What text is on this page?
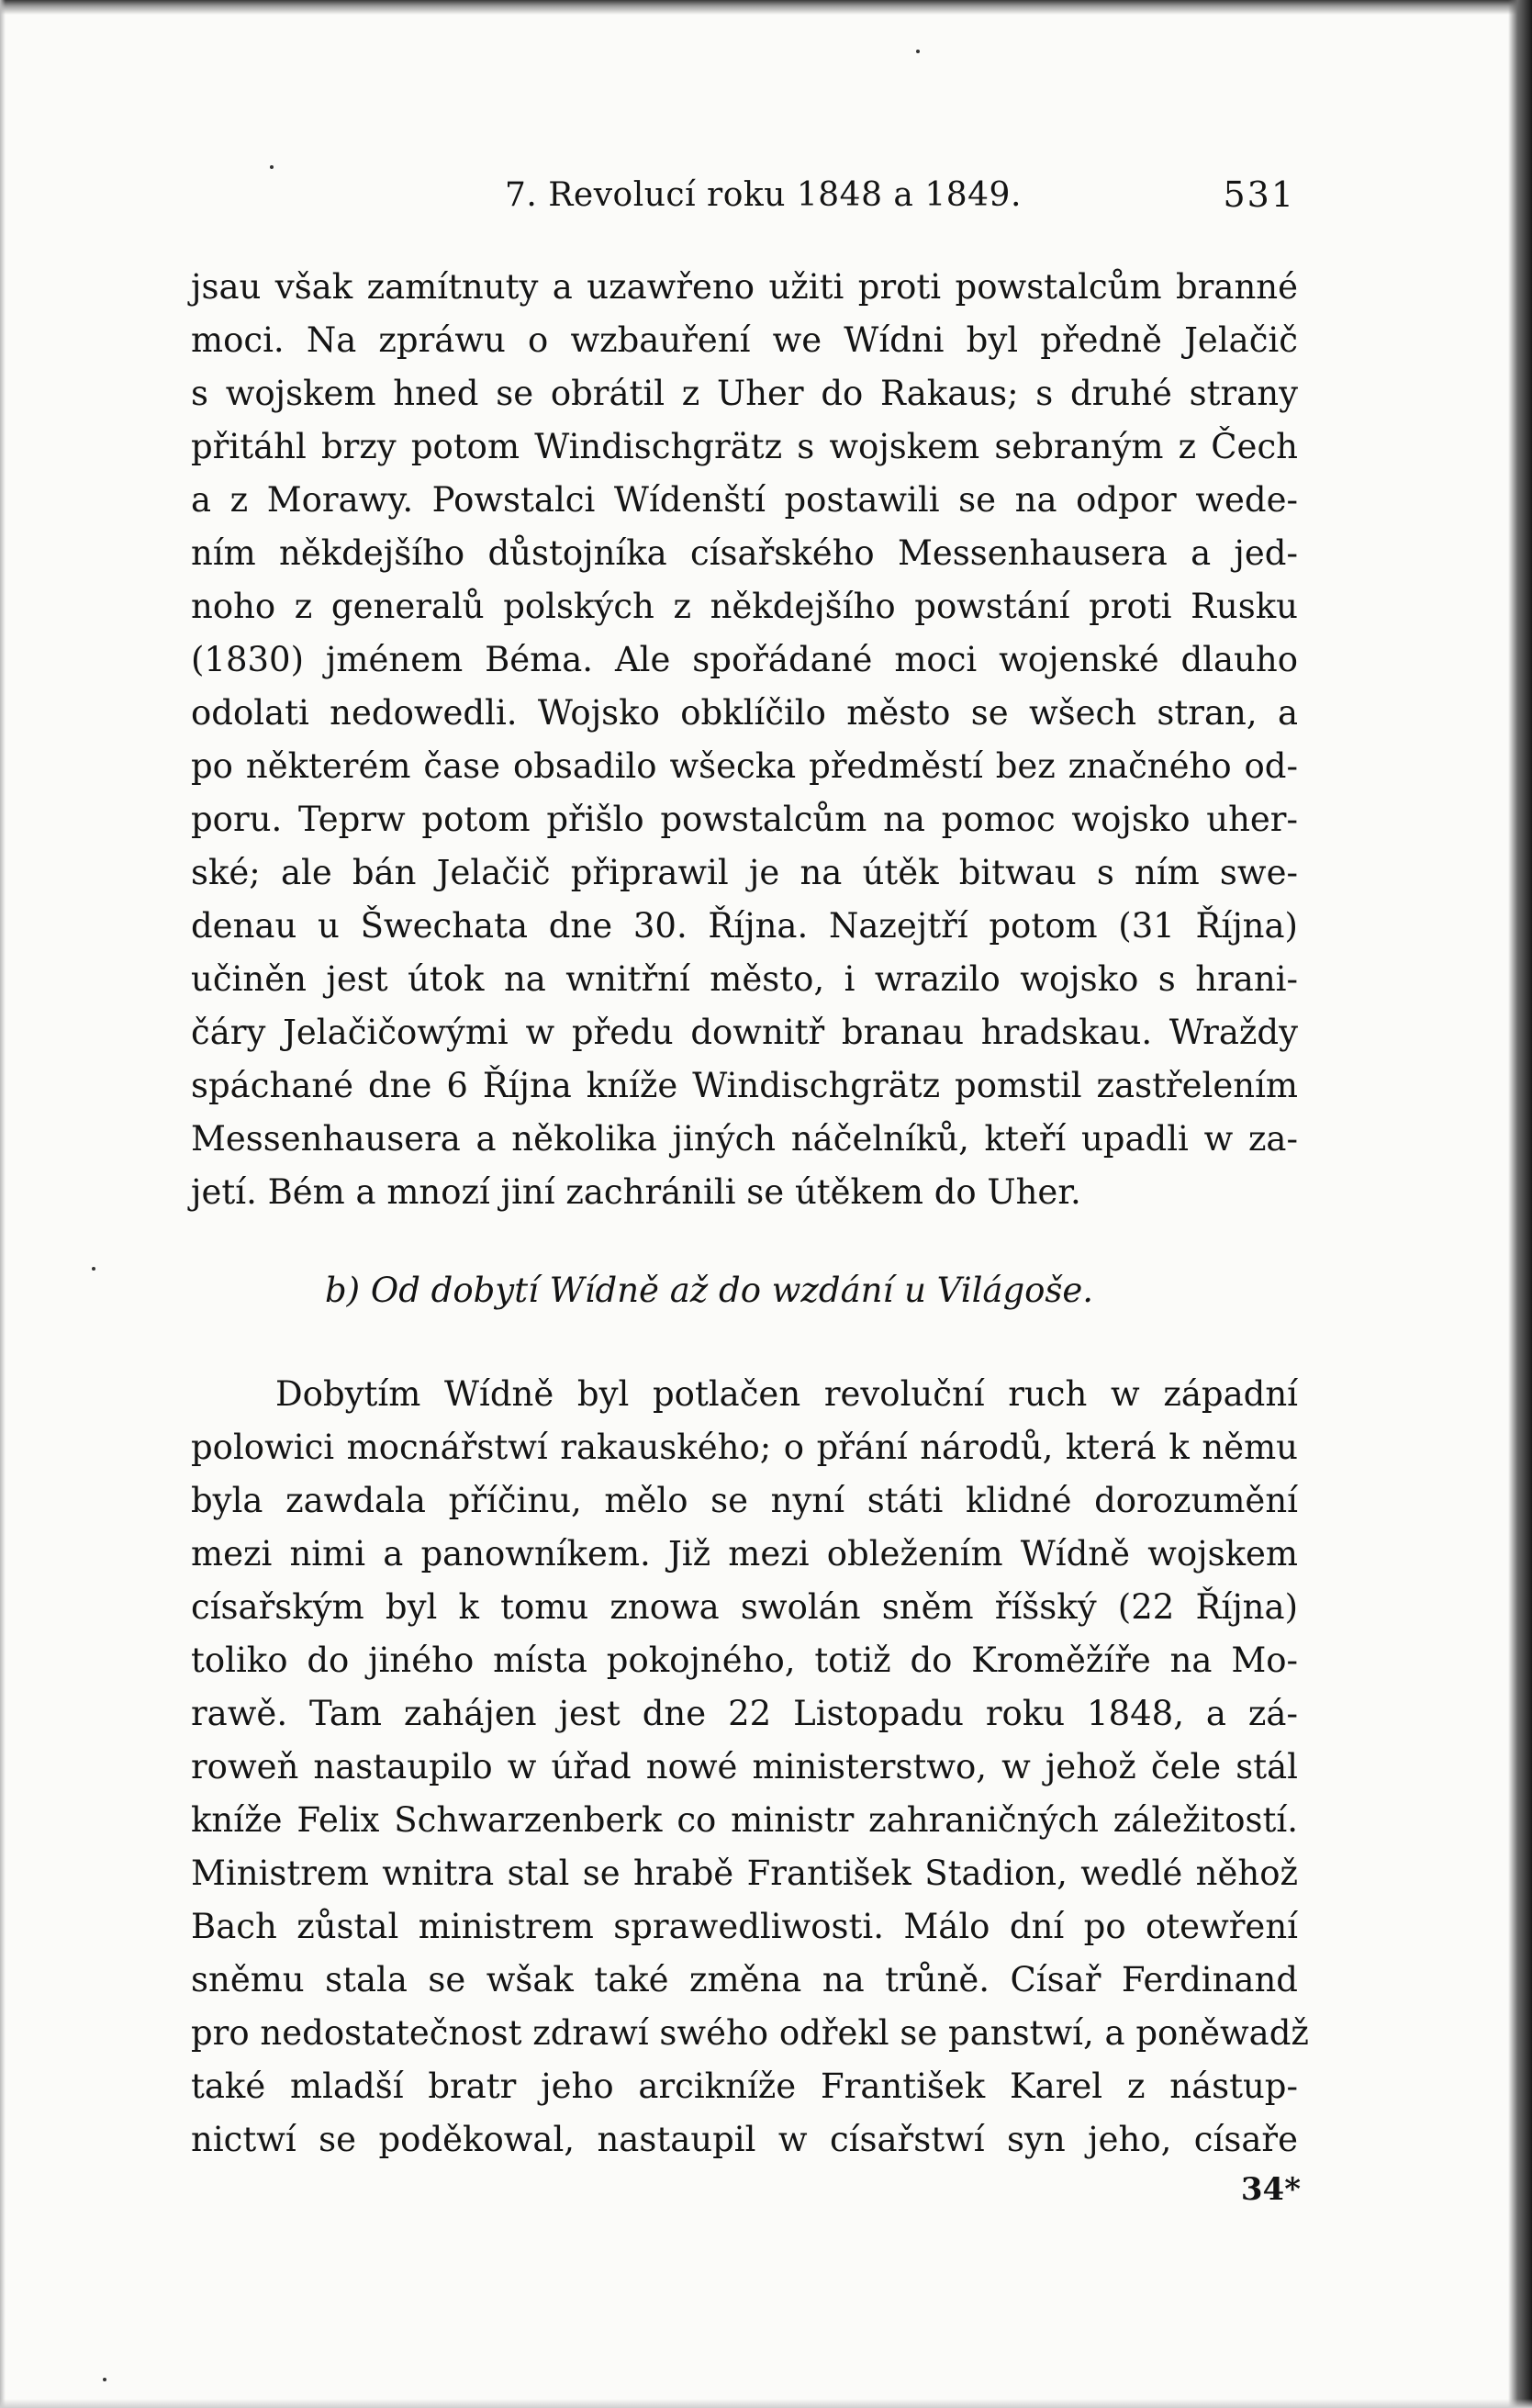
7. Revolucí roku 1848 a 1849.	531
jsau však zamítnuty a uzawřeno užiti proti powstalcům branné
moci. Na zpráwu o wzbauření we Wídni byl předně Jelačič
s wojskem hned se obrátil z Uher do Rakaus; s druhé strany
přitáhl brzy potom Windischgrätz s wojskem sebraným z Čech
a z Morawy. Powstalci Wídenští postawili se na odpor wede-
ním někdejšího důstojníka císařského Messenhausera a jed-
noho z generalů polských z někdejšího powstání proti Rusku
(1830) jménem Béma. Ale spořádané moci wojenské dlauho
odolati nedowedli. Wojsko obklíčilo město se wšech stran, a
po některém čase obsadilo wšecka předměstí bez značného od-
poru. Teprw potom přišlo powstalcům na pomoc wojsko uher-
ské; ale bán Jelačič připrawil je na útěk bitwau s ním swe-
denau u Šwechata dne 30. Října. Nazejtří potom (31 Října)
učiněn jest útok na wnitřní město, i wrazilo wojsko s hrani-
čáry Jelačičowými w předu downitř branau hradskau. Wraždy
spáchané dne 6 Října kníže Windischgrätz pomstil zastřelením
Messenhausera a několika jiných náčelníků, kteří upadli w za-
jetí. Bém a mnozí jiní zachránili se útěkem do Uher.
b) Od dobytí Wídně až do wzdání u Világoše.
Dobytím Wídně byl potlačen revoluční ruch w západní
polowici mocnářstwí rakauského; o přání národů, která k němu
byla zawdala příčinu, mělo se nyní státi klidné dorozumění
mezi nimi a panowníkem. Již mezi obležením Wídně wojskem
císařským byl k tomu znowa swolán sněm říšský (22 Října)
toliko do jiného místa pokojného, totiž do Kroměžíře na Mo-
rawě. Tam zahájen jest dne 22 Listopadu roku 1848, a zá-
roweň nastaupilo w úřad nowé ministerstwo, w jehož čele stál
kníže Felix Schwarzenberk co ministr zahraničných záležitostí.
Ministrem wnitra stal se hrabě František Stadion, wedlé něhož
Bach zůstal ministrem sprawedliwosti. Málo dní po otewření
sněmu stala se wšak také změna na trůně. Císař Ferdinand
pro nedostatečnost zdrawí swého odřekl se panstwí, a poněwadž
také mladší bratr jeho arcikníže František Karel z nástup-
nictwí se poděkowal, nastaupil w císařstwí syn jeho, císaře
34*
